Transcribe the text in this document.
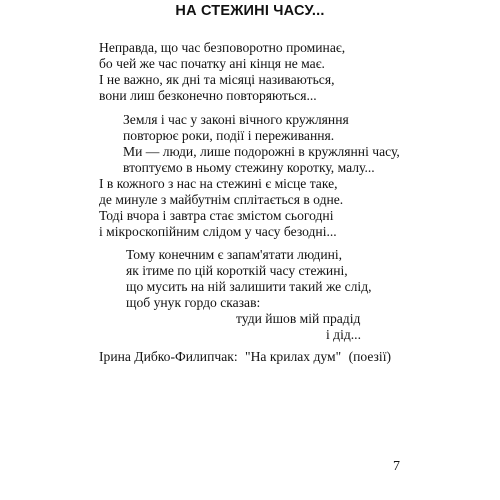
НА СТЕЖИНІ ЧАСУ...
Неправда, що час безповоротно проминає,
бо чей же час початку ані кінця не має.
І не важно, як дні та місяці називаються,
вони лиш безконечно повторяються...
Земля і час у законі вічного кружляння
повторює роки, події і переживання.
Ми — люди, лише подорожні в кружлянні часу,
втоптуємо в ньому стежину коротку, малу...
І в кожного з нас на стежині є місце таке,
де минуле з майбутнім сплітається в одне.
Тоді вчора і завтра стає змістом сьогодні
і мікроскопійним слідом у часу безодні...
Тому конечним є запам'ятати людині,
як ітиме по цій короткій часу стежині,
що мусить на ній залишити такий же слід,
щоб унук гордо сказав:
туди йшов мій прадід
і дід...
Ірина Дибко-Филипчак: "На крилах дум" (поезії)
7
